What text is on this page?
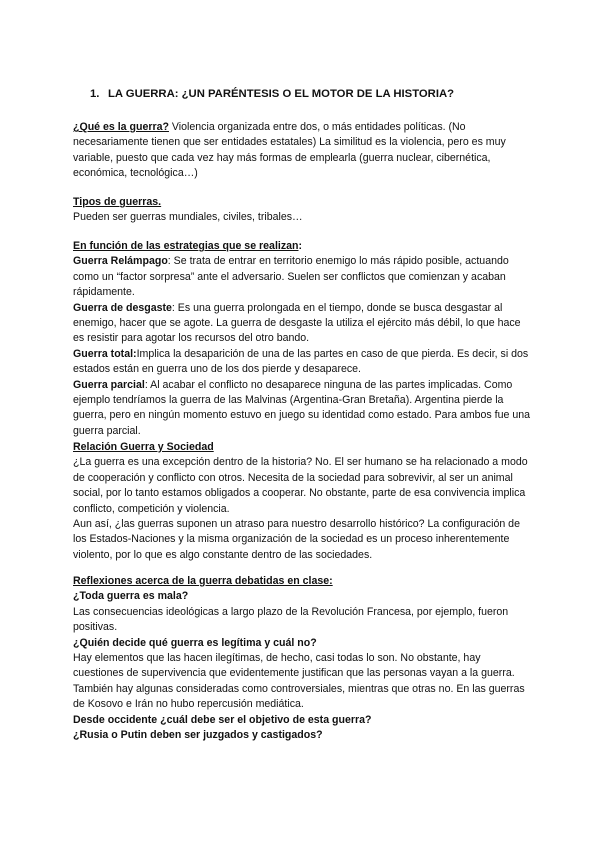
1. LA GUERRA: ¿UN PARÉNTESIS O EL MOTOR DE LA HISTORIA?

¿Qué es la guerra? Violencia organizada entre dos, o más entidades políticas. (No necesariamente tienen que ser entidades estatales) La similitud es la violencia, pero es muy variable, puesto que cada vez hay más formas de emplearla (guerra nuclear, cibernética, económica, tecnológica…)

Tipos de guerras.

Pueden ser guerras mundiales, civiles, tribales…

En función de las estrategias que se realizan:

Guerra Relámpago: Se trata de entrar en territorio enemigo lo más rápido posible, actuando como un “factor sorpresa” ante el adversario. Suelen ser conflictos que comienzan y acaban rápidamente.

Guerra de desgaste: Es una guerra prolongada en el tiempo, donde se busca desgastar al enemigo, hacer que se agote. La guerra de desgaste la utiliza el ejército más débil, lo que hace es resistir para agotar los recursos del otro bando.

Guerra total:Implica la desaparición de una de las partes en caso de que pierda. Es decir, si dos estados están en guerra uno de los dos pierde y desaparece.

Guerra parcial: Al acabar el conflicto no desaparece ninguna de las partes implicadas. Como ejemplo tendríamos la guerra de las Malvinas (Argentina-Gran Bretaña). Argentina pierde la guerra, pero en ningún momento estuvo en juego su identidad como estado. Para ambos fue una guerra parcial.

Relación Guerra y Sociedad

¿La guerra es una excepción dentro de la historia? No. El ser humano se ha relacionado a modo de cooperación y conflicto con otros. Necesita de la sociedad para sobrevivir, al ser un animal social, por lo tanto estamos obligados a cooperar. No obstante, parte de esa convivencia implica conflicto, competición y violencia.

Aun así, ¿las guerras suponen un atraso para nuestro desarrollo histórico? La configuración de los Estados-Naciones y la misma organización de la sociedad es un proceso inherentemente violento, por lo que es algo constante dentro de las sociedades.

Reflexiones acerca de la guerra debatidas en clase:

¿Toda guerra es mala?

Las consecuencias ideológicas a largo plazo de la Revolución Francesa, por ejemplo, fueron positivas.

¿Quién decide qué guerra es legítima y cuál no?

Hay elementos que las hacen ilegítimas, de hecho, casi todas lo son. No obstante, hay cuestiones de supervivencia que evidentemente justifican que las personas vayan a la guerra. También hay algunas consideradas como controversiales, mientras que otras no. En las guerras de Kosovo e Irán no hubo repercusión mediática.

Desde occidente ¿cuál debe ser el objetivo de esta guerra?

¿Rusia o Putin deben ser juzgados y castigados?
